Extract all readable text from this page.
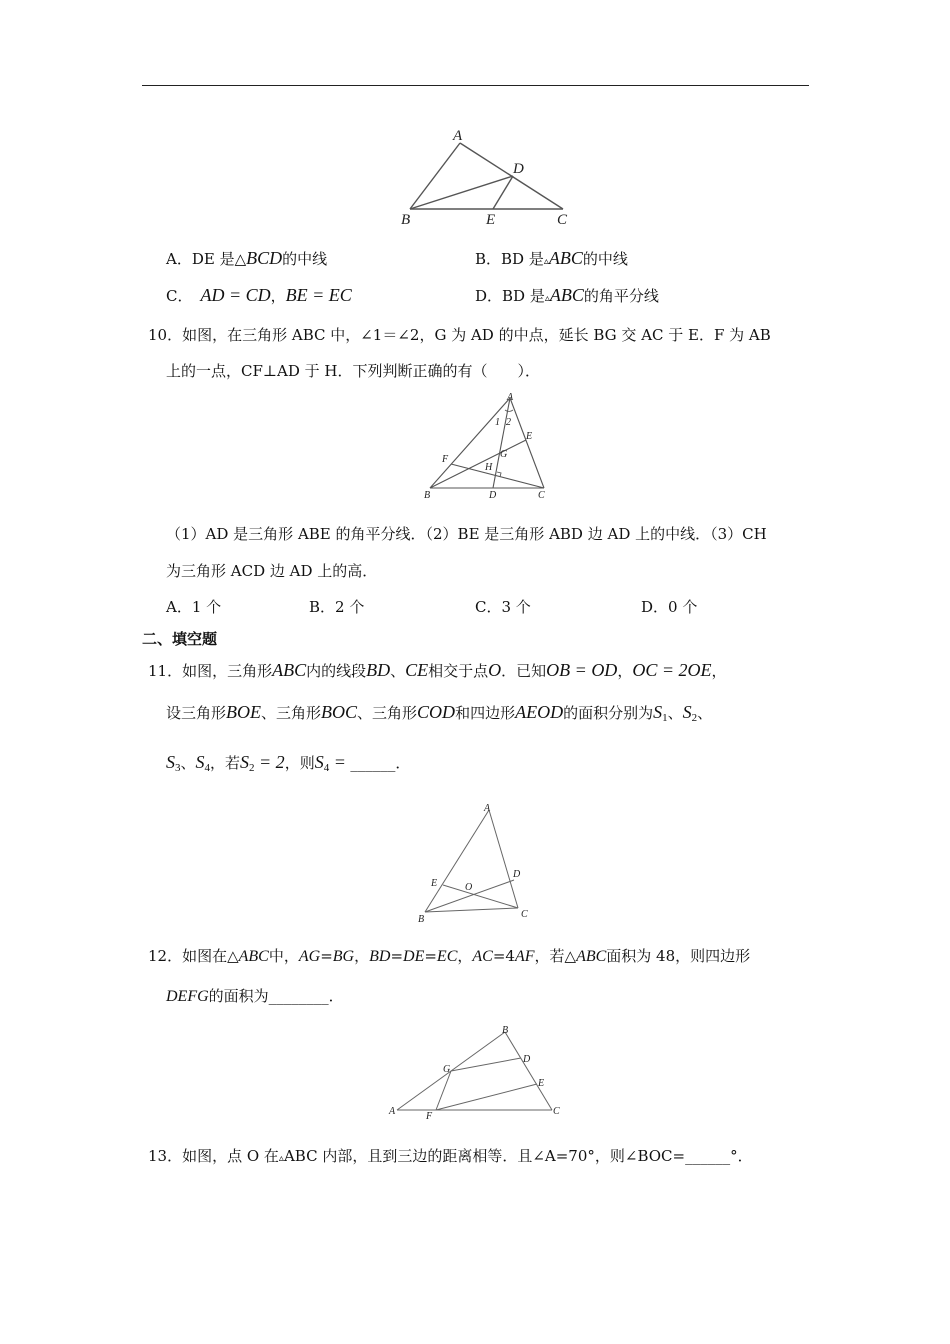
A
D
B	E	C
A．DE 是△BCD的中线	B．BD 是▵ABC的中线
C． AD = CD，BE = EC	D．BD 是▵ABC的角平分线
10．如图，在三角形 ABC 中，∠1＝∠2，G 为 AD 的中点，延长 BG 交 AC 于 E．F 为 AB
上的一点，CF⊥AD 于 H．下列判断正确的有（　　）．
A
1 2
E
G
F
H
B	D	C
（1）AD 是三角形 ABE 的角平分线．（2）BE 是三角形 ABD 边 AD 上的中线．（3）CH
为三角形 ACD 边 AD 上的高．
A．1 个	B．2 个	C．3 个	D．0 个
二、填空题
11．如图，三角形ABC内的线段BD、CE相交于点O．已知OB = OD，OC = 2OE，
设三角形BOE、三角形BOC、三角形COD和四边形AEOD的面积分别为$S_1$、$S_2$、
$S_3$、$S_4$，若$S_2 = 2$，则$S_4$ = ______．
A
E	O
D
B	C
12．如图在△ABC中，AG=BG，BD=DE=EC，AC=4AF，若△ABC面积为 48，则四边形
DEFG的面积为________．
B
D
G
E
A	F	C
13．如图，点 O 在▵ABC 内部，且到三边的距离相等．且∠A=70°，则∠BOC=______°．
